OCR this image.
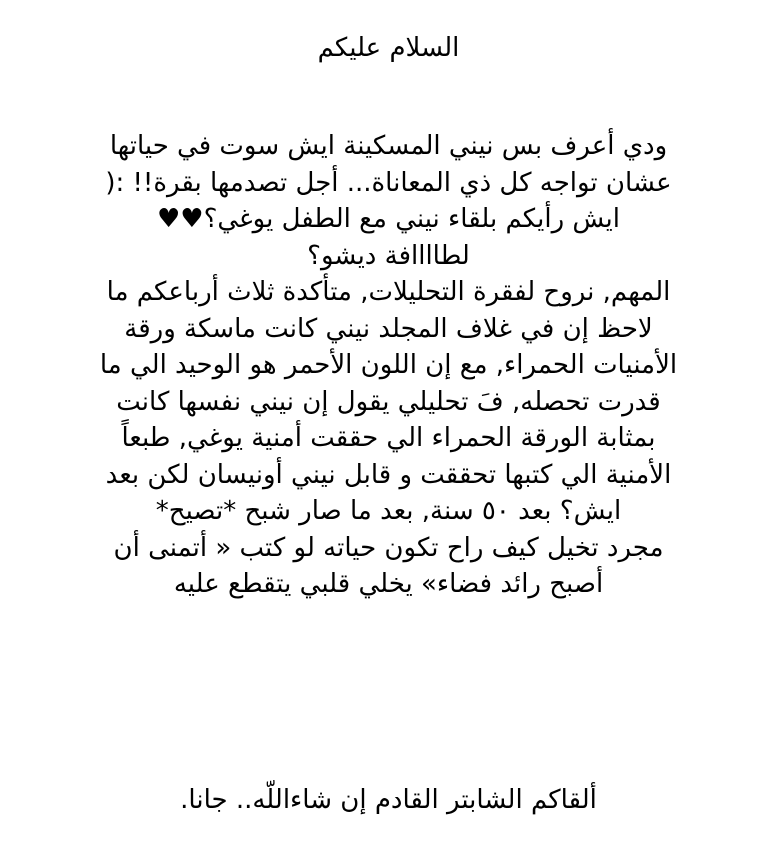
السلام عليكم
ودي أعرف بس نيني المسكينة ايش سوت في حياتها
عشان تواجه كل ذي المعاناة... أجل تصدمها بقرة!! :(
ايش رأيكم بلقاء نيني مع الطفل يوغي؟♥♥
لطاااافة ديشو؟
المهم, نروح لفقرة التحليلات, متأكدة ثلاث أرباعكم ما
لاحظ إن في غلاف المجلد نيني كانت ماسكة ورقة
الأمنيات الحمراء, مع إن اللون الأحمر هو الوحيد الي ما
قدرت تحصله, فَ تحليلي يقول إن نيني نفسها كانت
بمثابة الورقة الحمراء الي حققت أمنية يوغي, طبعاً
الأمنية الي كتبها تحققت و قابل نيني أونيسان لكن بعد
ايش؟ بعد ٥٠ سنة, بعد ما صار شبح *تصيح*
مجرد تخيل كيف راح تكون حياته لو كتب « أتمنى أن
أصبح رائد فضاء» يخلي قلبي يتقطع عليه
ألقاكم الشابتر القادم إن شاءاللّه.. جانا.
